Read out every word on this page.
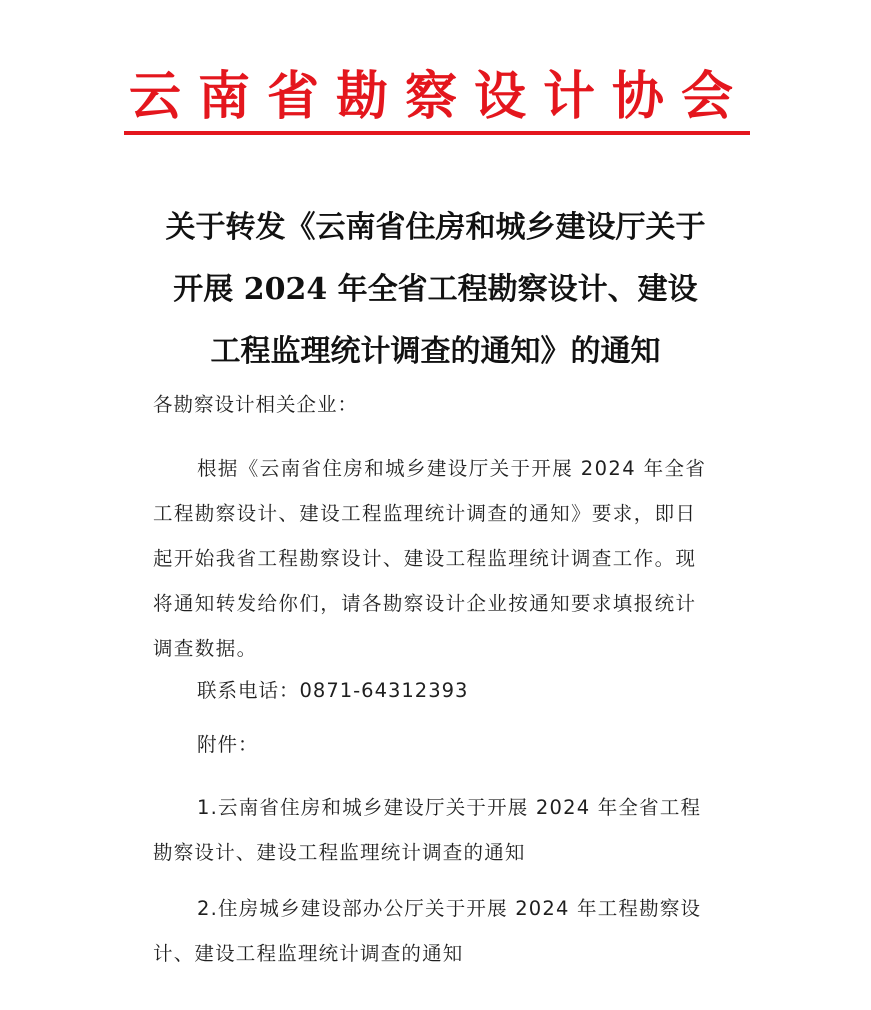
云南省勘察设计协会
关于转发《云南省住房和城乡建设厅关于
开展 2024 年全省工程勘察设计、建设
工程监理统计调查的通知》的通知
各勘察设计相关企业：
根据《云南省住房和城乡建设厅关于开展 2024 年全省
工程勘察设计、建设工程监理统计调查的通知》要求，即日
起开始我省工程勘察设计、建设工程监理统计调查工作。现
将通知转发给你们，请各勘察设计企业按通知要求填报统计
调查数据。
联系电话：0871-64312393
附件：
1.云南省住房和城乡建设厅关于开展 2024 年全省工程
勘察设计、建设工程监理统计调查的通知
2.住房城乡建设部办公厅关于开展 2024 年工程勘察设
计、建设工程监理统计调查的通知
